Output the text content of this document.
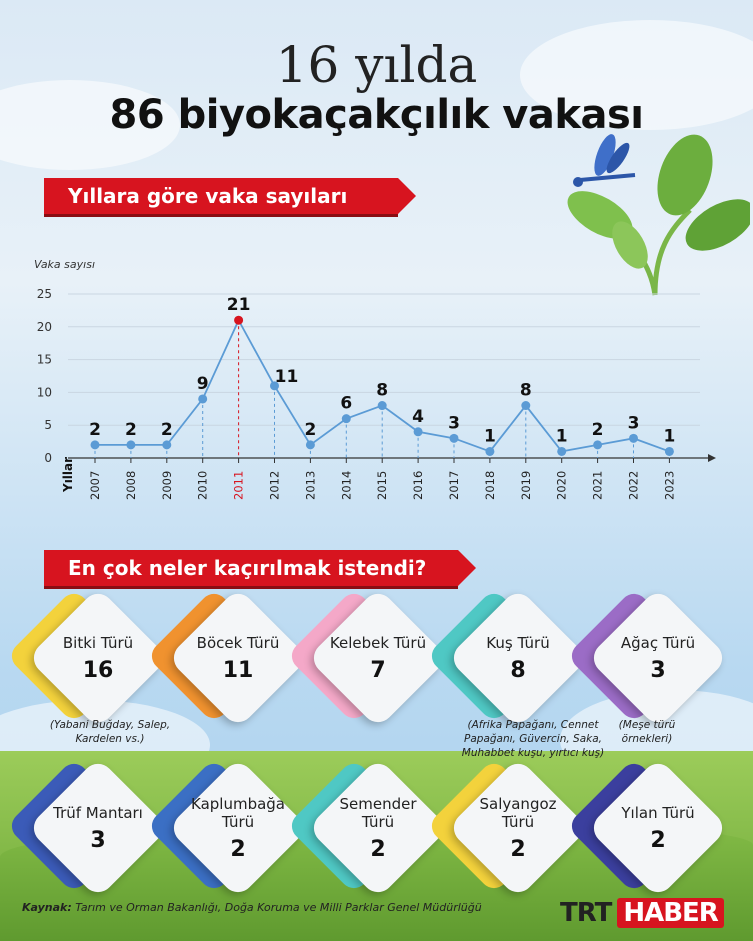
16 yılda
86 biyokaçakçılık vakası
Yıllara göre vaka sayıları
Vaka sayısı
0
5
10
15
20
25
Yıllar
2
2007
2
2008
2
2009
9
2010
21
2011
11
2012
2
2013
6
2014
8
2015
4
2016
3
2017
1
2018
8
2019
1
2020
2
2021
3
2022
1
2023
En çok neler kaçırılmak istendi?
Bitki Türü
16
(Yabani Buğday, Salep, Kardelen vs.)
Böcek Türü
11
Kelebek Türü
7
Kuş Türü
8
(Afrika Papağanı, Cennet Papağanı, Güvercin, Saka, Muhabbet kuşu, yırtıcı kuş)
Ağaç Türü
3
(Meşe türü örnekleri)
Trüf Mantarı
3
Kaplumbağa Türü
2
Semender Türü
2
Salyangoz Türü
2
Yılan Türü
2
Kaynak: Tarım ve Orman Bakanlığı, Doğa Koruma ve Milli Parklar Genel Müdürlüğü	TRT HABER
